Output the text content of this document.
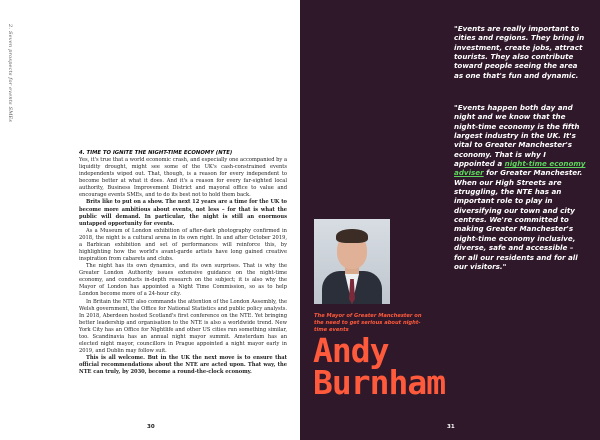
2. Seven prospects for events SMEs
4. TIME TO IGNITE THE NIGHT-TIME ECONOMY (NTE)

Yes, it's true that a world economic crash, and especially one accompanied by a liquidity drought, might see some of the UK's cash-constrained events independents wiped out. That, though, is a reason for every independent to become better at what it does. And it's a reason for every far-sighted local authority, Business Improvement District and mayoral office to value and encourage events SMEs, and to do its best not to hold them back.

Brits like to put on a show. The next 12 years are a time for the UK to become more ambitious about events, not less – for that is what the public will demand. In particular, the night is still an enormous untapped opportunity for events.

As a Museum of London exhibition of after-dark photography confirmed in 2018, the night is a cultural arena in its own right. In and after October 2019, a Barbican exhibition and set of performances will reinforce this, by highlighting how the world's avant-garde artists have long gained creative inspiration from cabarets and clubs.

The night has its own dynamics, and its own surprises. That is why the Greater London Authority issues extensive guidance on the night-time economy, and conducts in-depth research on the subject; it is also why the Mayor of London has appointed a Night Time Commission, so as to help London become more of a 24-hour city.

In Britain the NTE also commands the attention of the London Assembly, the Welsh government, the Office for National Statistics and public policy analysts. In 2018, Aberdeen hosted Scotland's first conference on the NTE. Yet bringing better leadership and organisation to the NTE is also a worldwide trend. New York City has an Office for Nightlife and other US cities run something similar, too. Scandinavia has an annual night mayor summit. Amsterdam has an elected night mayor, councillors in Prague appointed a night mayor early in 2019, and Dublin may follow suit.

This is all welcome. But in the UK the next move is to ensure that official recommendations about the NTE are acted upon. That way, the NTE can truly, by 2030, become a round-the-clock economy.

30
"Events are really important to cities and regions. They bring in investment, create jobs, attract tourists. They also contribute toward people seeing the area as one that's fun and dynamic.
"Events happen both day and night and we know that the night-time economy is the fifth largest industry in the UK. It's vital to Greater Manchester's economy. That is why I appointed a night-time economy adviser for Greater Manchester. When our High Streets are struggling, the NTE has an important role to play in diversifying our town and city centres. We're committed to making Greater Manchester's night-time economy inclusive, diverse, safe and accessible – for all our residents and for all our visitors."
The Mayor of Greater Manchester on the need to get serious about night-time events
Andy
Burnham
31
